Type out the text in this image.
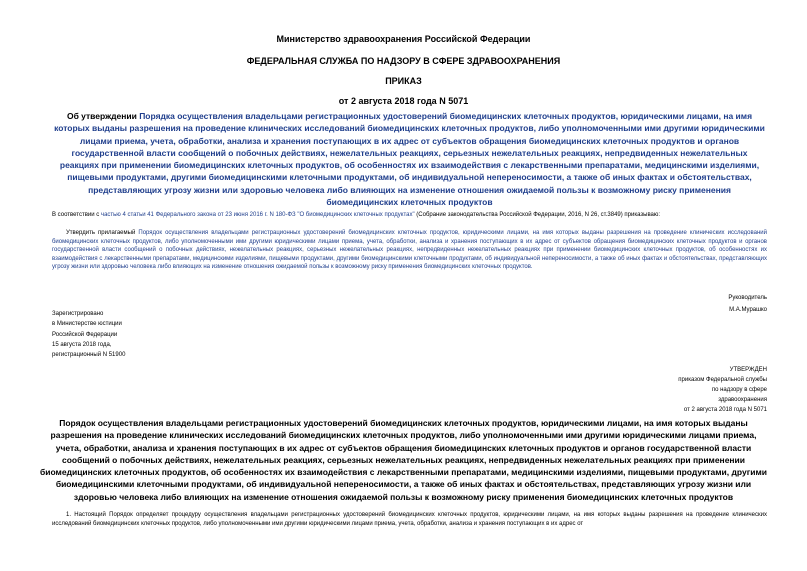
Министерство здравоохранения Российской Федерации
ФЕДЕРАЛЬНАЯ СЛУЖБА ПО НАДЗОРУ В СФЕРЕ ЗДРАВООХРАНЕНИЯ
ПРИКАЗ
от 2 августа 2018 года N 5071
Об утверждении Порядка осуществления владельцами регистрационных удостоверений биомедицинских клеточных продуктов, юридическими лицами, на имя которых выданы разрешения на проведение клинических исследований биомедицинских клеточных продуктов, либо уполномоченными ими другими юридическими лицами приема, учета, обработки, анализа и хранения поступающих в их адрес от субъектов обращения биомедицинских клеточных продуктов и органов государственной власти сообщений о побочных действиях, нежелательных реакциях, серьезных нежелательных реакциях, непредвиденных нежелательных реакциях при применении биомедицинских клеточных продуктов, об особенностях их взаимодействия с лекарственными препаратами, медицинскими изделиями, пищевыми продуктами, другими биомедицинскими клеточными продуктами, об индивидуальной непереносимости, а также об иных фактах и обстоятельствах, представляющих угрозу жизни или здоровью человека либо влияющих на изменение отношения ожидаемой пользы к возможному риску применения биомедицинских клеточных продуктов
В соответствии с частью 4 статьи 41 Федерального закона от 23 июня 2016 г. N 180-ФЗ "О биомедицинских клеточных продуктах" (Собрание законодательства Российской Федерации, 2016, N 26, ст.3849) приказываю:
Утвердить прилагаемый Порядок осуществления владельцами регистрационных удостоверений биомедицинских клеточных продуктов, юридическими лицами, на имя которых выданы разрешения на проведение клинических исследований биомедицинских клеточных продуктов, либо уполномоченными ими другими юридическими лицами приема, учета, обработки, анализа и хранения поступающих в их адрес от субъектов обращения биомедицинских клеточных продуктов и органов государственной власти сообщений о побочных действиях, нежелательных реакциях, серьезных нежелательных реакциях, непредвиденных нежелательных реакциях при применении биомедицинских клеточных продуктов, об особенностях их взаимодействия с лекарственными препаратами, медицинскими изделиями, пищевыми продуктами, другими биомедицинскими клеточными продуктами, об индивидуальной непереносимости, а также об иных фактах и обстоятельствах, представляющих угрозу жизни или здоровью человека либо влияющих на изменение отношения ожидаемой пользы к возможному риску применения биомедицинских клеточных продуктов.
Руководитель
М.А.Мурашко
Зарегистрировано
в Министерстве юстиции
Российской Федерации
15 августа 2018 года,
регистрационный N 51900
УТВЕРЖДЕН
приказом Федеральной службы
по надзору в сфере
здравоохранения
от 2 августа 2018 года N 5071
Порядок осуществления владельцами регистрационных удостоверений биомедицинских клеточных продуктов, юридическими лицами, на имя которых выданы разрешения на проведение клинических исследований биомедицинских клеточных продуктов, либо уполномоченными ими другими юридическими лицами приема, учета, обработки, анализа и хранения поступающих в их адрес от субъектов обращения биомедицинских клеточных продуктов и органов государственной власти сообщений о побочных действиях, нежелательных реакциях, серьезных нежелательных реакциях, непредвиденных нежелательных реакциях при применении биомедицинских клеточных продуктов, об особенностях их взаимодействия с лекарственными препаратами, медицинскими изделиями, пищевыми продуктами, другими биомедицинскими клеточными продуктами, об индивидуальной непереносимости, а также об иных фактах и обстоятельствах, представляющих угрозу жизни или здоровью человека либо влияющих на изменение отношения ожидаемой пользы к возможному риску применения биомедицинских клеточных продуктов
1. Настоящий Порядок определяет процедуру осуществления владельцами регистрационных удостоверений биомедицинских клеточных продуктов, юридическими лицами, на имя которых выданы разрешения на проведение клинических исследований биомедицинских клеточных продуктов, либо уполномоченными ими другими юридическими лицами приема, учета, обработки, анализа и хранения поступающих в их адрес от
